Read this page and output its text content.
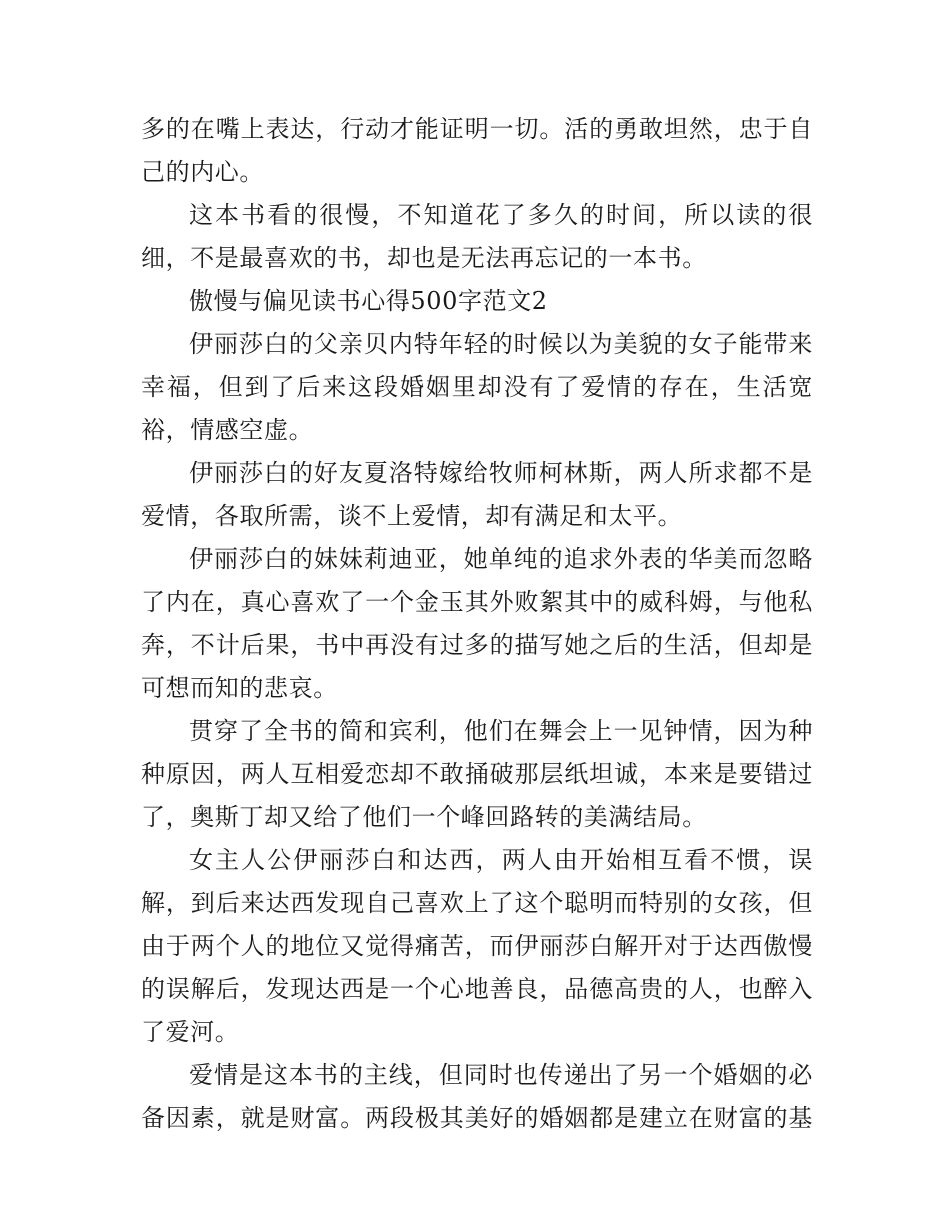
多的在嘴上表达，行动才能证明一切。活的勇敢坦然，忠于自
己的内心。

这本书看的很慢，不知道花了多久的时间，所以读的很
细，不是最喜欢的书，却也是无法再忘记的一本书。

傲慢与偏见读书心得500字范文2

伊丽莎白的父亲贝内特年轻的时候以为美貌的女子能带来
幸福，但到了后来这段婚姻里却没有了爱情的存在，生活宽
裕，情感空虚。

伊丽莎白的好友夏洛特嫁给牧师柯林斯，两人所求都不是
爱情，各取所需，谈不上爱情，却有满足和太平。

伊丽莎白的妹妹莉迪亚，她单纯的追求外表的华美而忽略
了内在，真心喜欢了一个金玉其外败絮其中的威科姆，与他私
奔，不计后果，书中再没有过多的描写她之后的生活，但却是
可想而知的悲哀。

贯穿了全书的简和宾利，他们在舞会上一见钟情，因为种
种原因，两人互相爱恋却不敢捅破那层纸坦诚，本来是要错过
了，奥斯丁却又给了他们一个峰回路转的美满结局。

女主人公伊丽莎白和达西，两人由开始相互看不惯，误
解，到后来达西发现自己喜欢上了这个聪明而特别的女孩，但
由于两个人的地位又觉得痛苦，而伊丽莎白解开对于达西傲慢
的误解后，发现达西是一个心地善良，品德高贵的人，也醉入
了爱河。

爱情是这本书的主线，但同时也传递出了另一个婚姻的必
备因素，就是财富。两段极其美好的婚姻都是建立在财富的基
